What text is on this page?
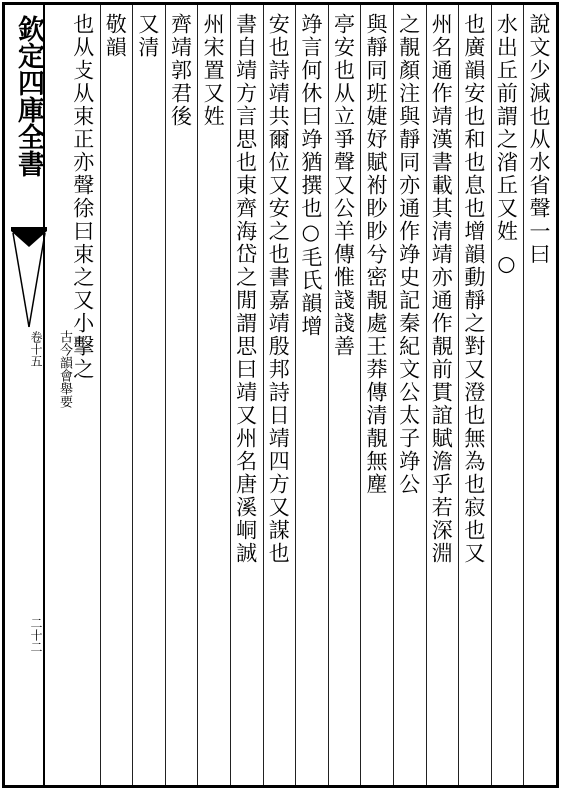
欽定四庫全書
卷十五
二十二
古今韻會舉要
說文少減也从水省聲一曰
水出丘前謂之渻丘又姓 ○
也廣韻安也和也息也增韻動靜之對又澄也無為也寂也又
州名通作靖漢書載其清靖亦通作靚前貫誼賦澹乎若深淵
之靚顏注與靜同亦通作竫史記秦紀文公太子竫公
與靜同班婕妤賦袝眇眇兮密靚處王莽傳清靚無塵
亭安也从立爭聲又公羊傳惟諓諓善
竫言何休曰竫猶撰也○毛氏韻增
安也詩靖共爾位又安之也書嘉靖殷邦詩日靖四方又謀也
書自靖方言思也東齊海岱之閒謂思曰靖又州名唐溪峒誠
州宋置又姓
齊靖郭君後
又清
敬韻
也从攴从束正亦聲徐曰束之又小擊之
